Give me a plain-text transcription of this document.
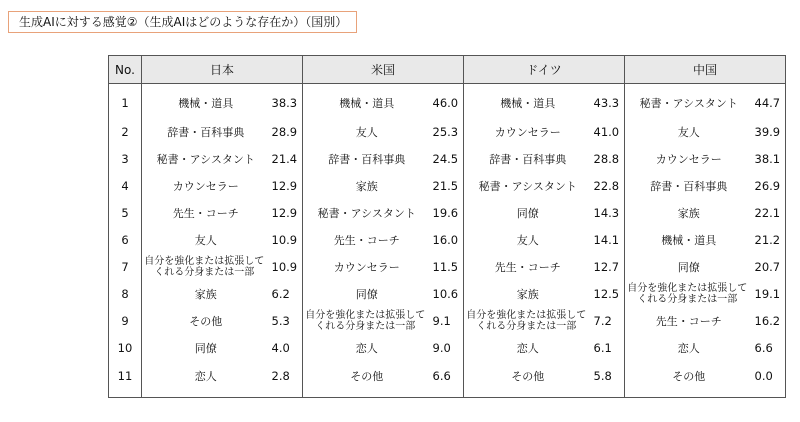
生成AIに対する感覚②（生成AIはどのような存在か）（国別）
No.	日本		米国		ドイツ		中国	
1	機械・道具	38.3	機械・道具	46.0	機械・道具	43.3	秘書・アシスタント	44.7
2	辞書・百科事典	28.9	友人	25.3	カウンセラー	41.0	友人	39.9
3	秘書・アシスタント	21.4	辞書・百科事典	24.5	辞書・百科事典	28.8	カウンセラー	38.1
4	カウンセラー	12.9	家族	21.5	秘書・アシスタント	22.8	辞書・百科事典	26.9
5	先生・コーチ	12.9	秘書・アシスタント	19.6	同僚	14.3	家族	22.1
6	友人	10.9	先生・コーチ	16.0	友人	14.1	機械・道具	21.2
7	自分を強化または拡張して
くれる分身または一部	10.9	カウンセラー	11.5	先生・コーチ	12.7	同僚	20.7
8	家族	6.2	同僚	10.6	家族	12.5	自分を強化または拡張して
くれる分身または一部	19.1
9	その他	5.3	自分を強化または拡張して
くれる分身または一部	9.1	自分を強化または拡張して
くれる分身または一部	7.2	先生・コーチ	16.2
10	同僚	4.0	恋人	9.0	恋人	6.1	恋人	6.6
11	恋人	2.8	その他	6.6	その他	5.8	その他	0.0
